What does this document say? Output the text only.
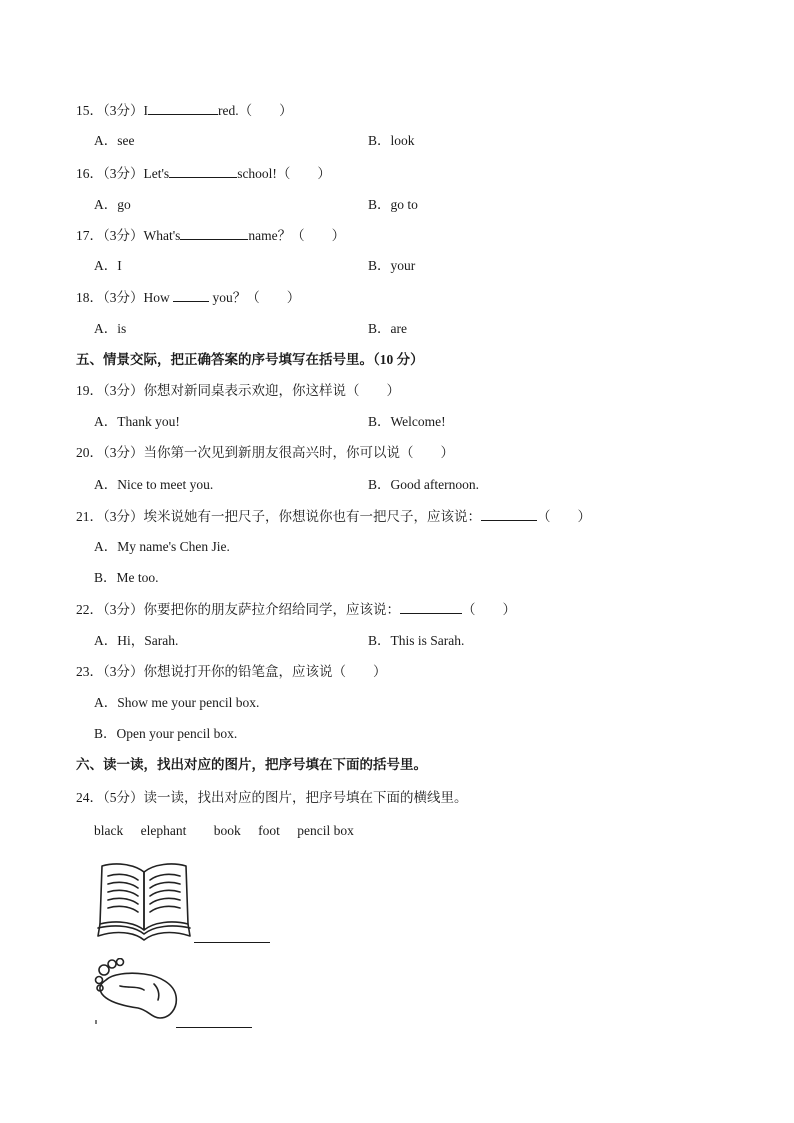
15．（3分）I	red.（　　）
A．see	B．look
16．（3分）Let's	school!（　　）
A．go	B．go to
17．（3分）What's	name？（　　）
A．I	B．your
18．（3分）How	you？（　　）
A．is	B．are
五、情景交际，把正确答案的序号填写在括号里。（10 分）
19．（3分）你想对新同桌表示欢迎，你这样说（　　）
A．Thank you!	B．Welcome!
20．（3分）当你第一次见到新朋友很高兴时，你可以说（　　）
A．Nice to meet you.	B．Good afternoon.
21．（3分）埃米说她有一把尺子，你想说你也有一把尺子，应该说：	（　　）
A．My name's Chen Jie.
B．Me too.
22．（3分）你要把你的朋友萨拉介绍给同学，应该说：	（　　）
A．Hi，Sarah.	B．This is Sarah.
23．（3分）你想说打开你的铅笔盒，应该说（　　）
A．Show me your pencil box.
B．Open your pencil box.
六、读一读，找出对应的图片，把序号填在下面的括号里。
24．（5分）读一读，找出对应的图片，把序号填在下面的横线里。
black elephant book foot pencil box
